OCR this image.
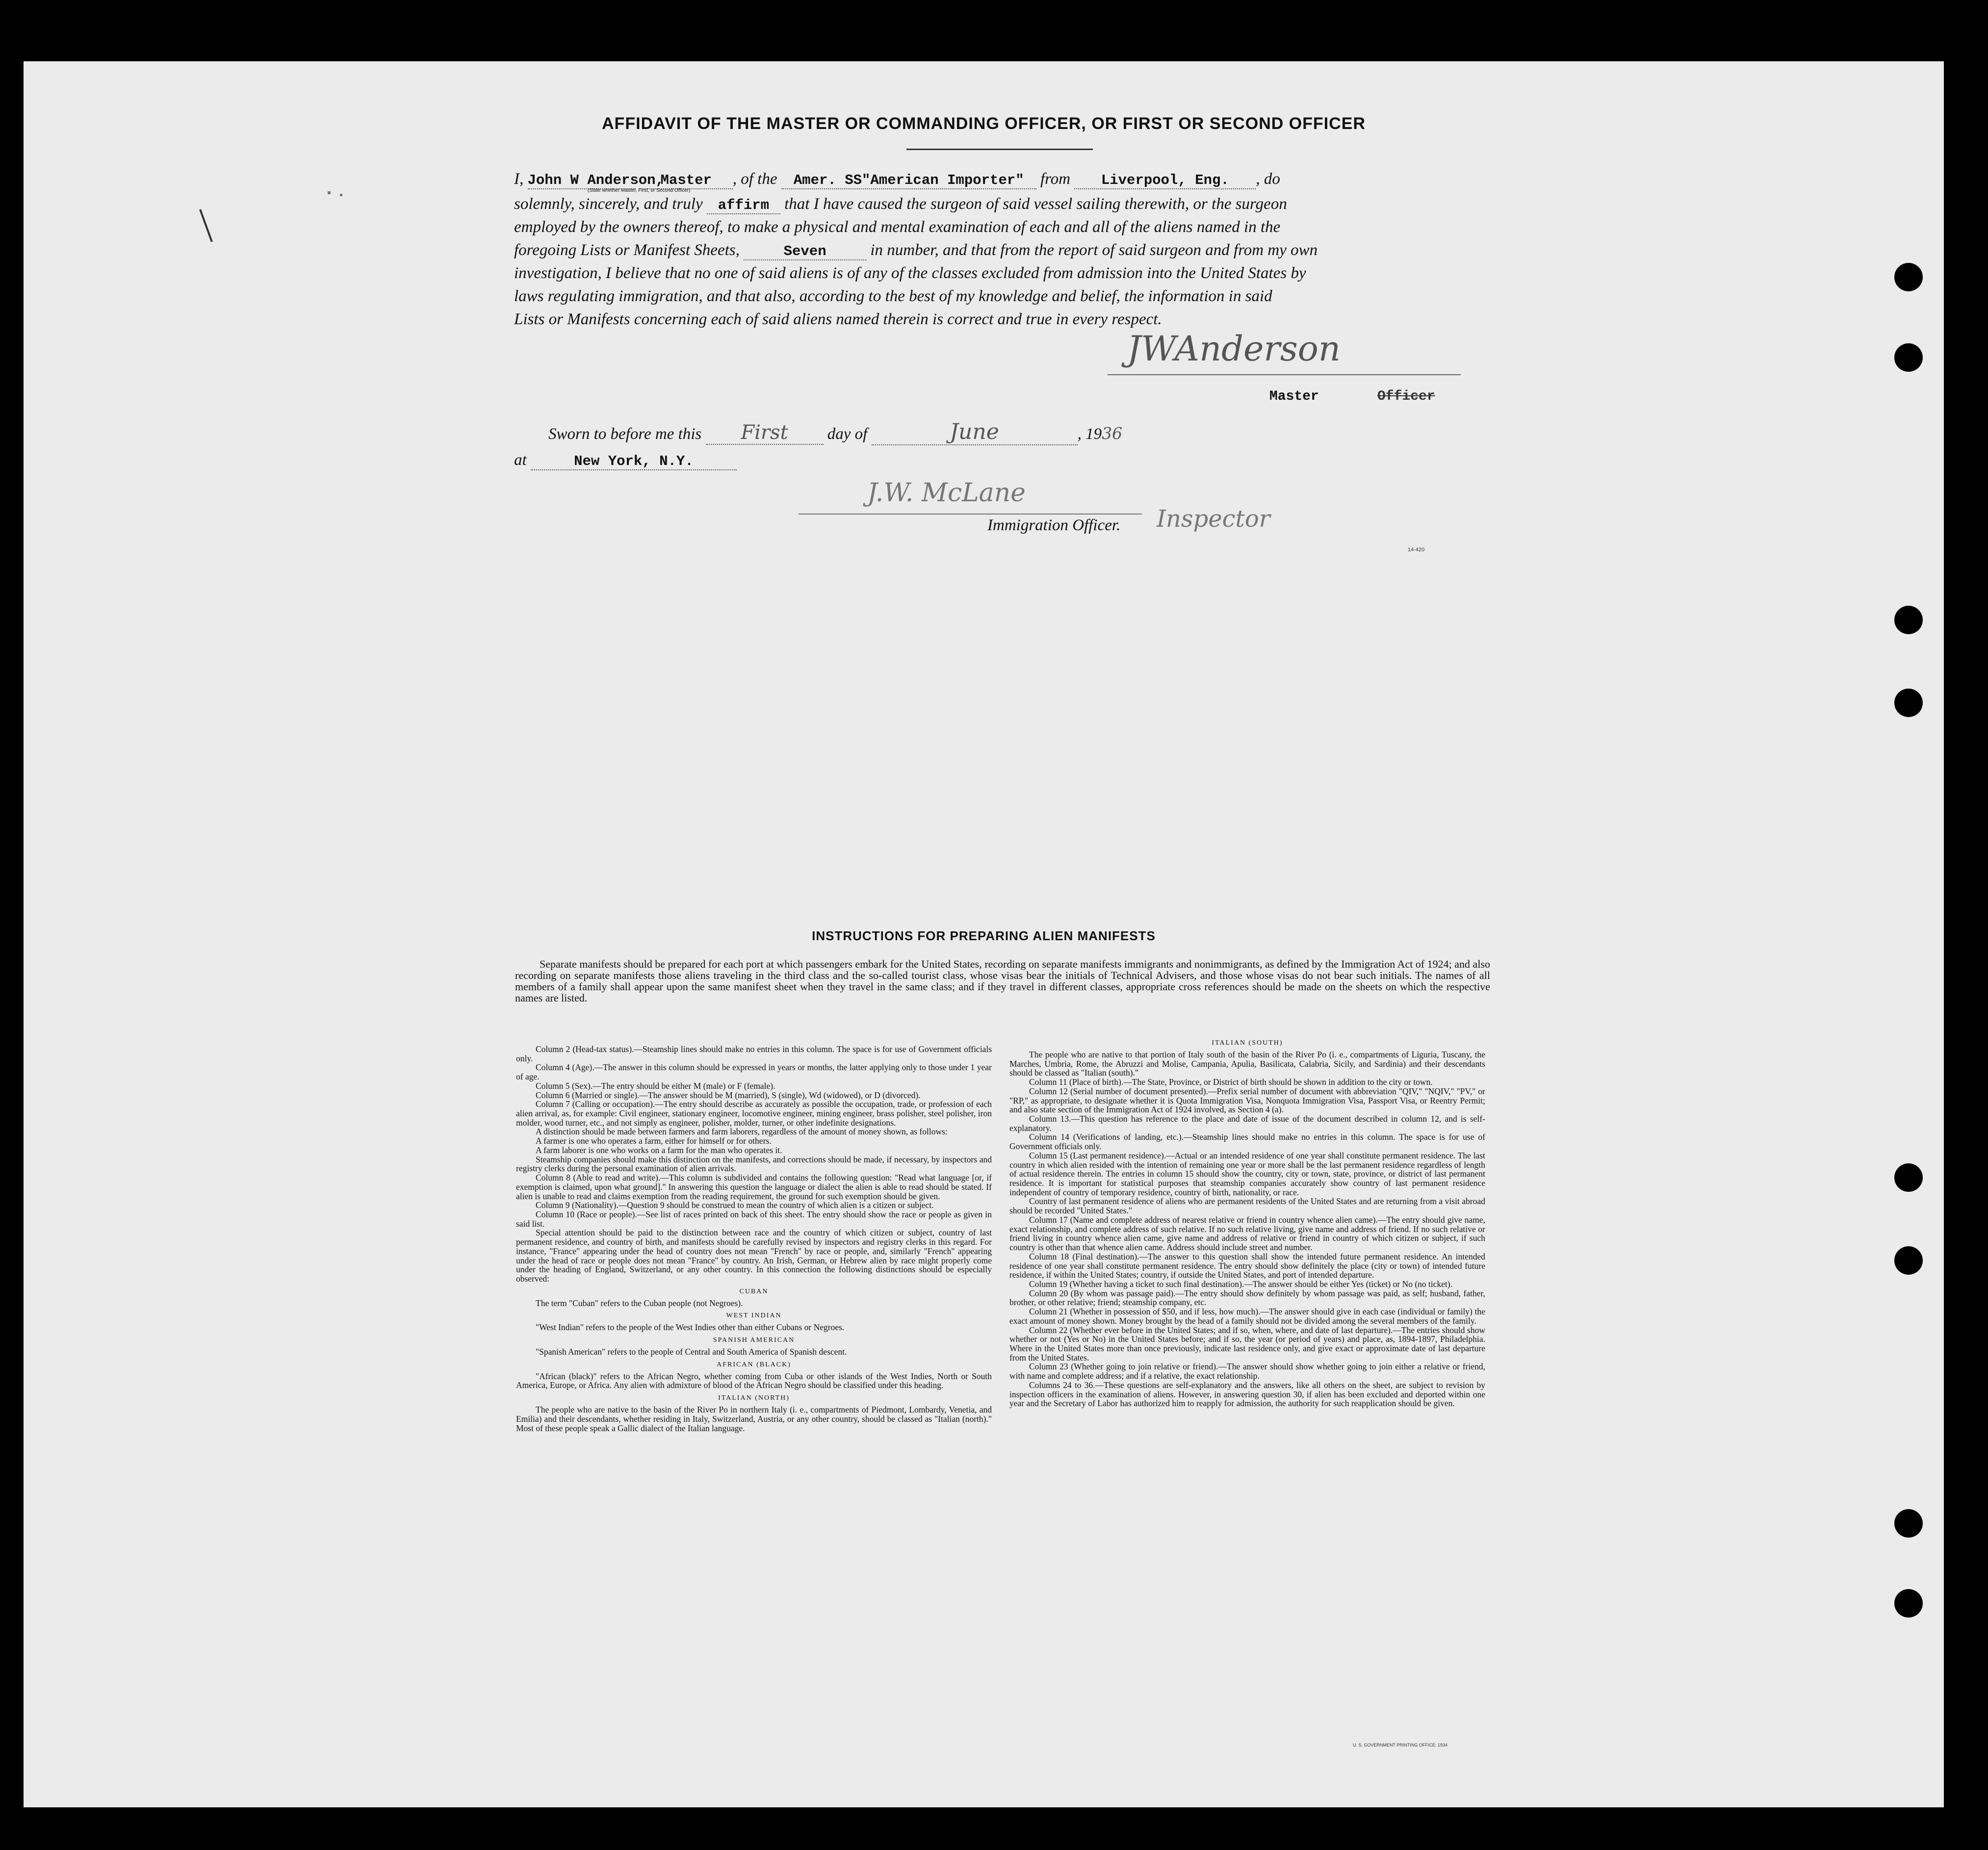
AFFIDAVIT OF THE MASTER OR COMMANDING OFFICER, OR FIRST OR SECOND OFFICER
I, John W Anderson, Master , of the Amer. SS"American Importer" from Liverpool, Eng. , do
(State whether Master, First, or Second Officer)
solemnly, sincerely, and truly affirm that I have caused the surgeon of said vessel sailing therewith, or the surgeon
employed by the owners thereof, to make a physical and mental examination of each and all of the aliens named in the
foregoing Lists or Manifest Sheets,	Seven	in number, and that from the report of said surgeon and from my own
investigation, I believe that no one of said aliens is of any of the classes excluded from admission into the United States by
laws regulating immigration, and that also, according to the best of my knowledge and belief, the information in said
Lists or Manifests concerning each of said aliens named therein is correct and true in every respect.
JWAnderson
Master	Officer
Sworn to before me this First day of	June	, 1936
at	New York, N.Y.
J.W. McLane
Immigration Officer. Inspector
14-420
INSTRUCTIONS FOR PREPARING ALIEN MANIFESTS
Separate manifests should be prepared for each port at which passengers embark for the United States, recording on separate manifests immigrants and nonimmigrants, as defined by the Immigration Act of 1924; and also recording on separate manifests those aliens traveling in the third class and the so-called tourist class, whose visas bear the initials of Technical Advisers, and those whose visas do not bear such initials. The names of all members of a family shall appear upon the same manifest sheet when they travel in the same class; and if they travel in different classes, appropriate cross references should be made on the sheets on which the respective names are listed.

Column 2 (Head-tax status).—Steamship lines should make no entries in this column. The space is for use of Government officials only.

Column 4 (Age).—The answer in this column should be expressed in years or months, the latter applying only to those under 1 year of age.

Column 5 (Sex).—The entry should be either M (male) or F (female).

Column 6 (Married or single).—The answer should be M (married), S (single), Wd (widowed), or D (divorced).

Column 7 (Calling or occupation).—The entry should describe as accurately as possible the occupation, trade, or profession of each alien arrival, as, for example: Civil engineer, stationary engineer, locomotive engineer, mining engineer, brass polisher, steel polisher, iron molder, wood turner, etc., and not simply as engineer, polisher, molder, turner, or other indefinite designations.

A distinction should be made between farmers and farm laborers, regardless of the amount of money shown, as follows:

A farmer is one who operates a farm, either for himself or for others.

A farm laborer is one who works on a farm for the man who operates it.

Steamship companies should make this distinction on the manifests, and corrections should be made, if necessary, by inspectors and registry clerks during the personal examination of alien arrivals.

Column 8 (Able to read and write).—This column is subdivided and contains the following question: "Read what language [or, if exemption is claimed, upon what ground]." In answering this question the language or dialect the alien is able to read should be stated. If alien is unable to read and claims exemption from the reading requirement, the ground for such exemption should be given.

Column 9 (Nationality).—Question 9 should be construed to mean the country of which alien is a citizen or subject.

Column 10 (Race or people).—See list of races printed on back of this sheet. The entry should show the race or people as given in said list.

Special attention should be paid to the distinction between race and the country of which citizen or subject, country of last permanent residence, and country of birth, and manifests should be carefully revised by inspectors and registry clerks in this regard. For instance, "France" appearing under the head of country does not mean "French" by race or people, and, similarly "French" appearing under the head of race or people does not mean "France" by country. An Irish, German, or Hebrew alien by race might properly come under the heading of England, Switzerland, or any other country. In this connection the following distinctions should be especially observed:

CUBAN

The term "Cuban" refers to the Cuban people (not Negroes).

WEST INDIAN

"West Indian" refers to the people of the West Indies other than either Cubans or Negroes.

SPANISH AMERICAN

"Spanish American" refers to the people of Central and South America of Spanish descent.

AFRICAN (BLACK)

"African (black)" refers to the African Negro, whether coming from Cuba or other islands of the West Indies, North or South America, Europe, or Africa. Any alien with admixture of blood of the African Negro should be classified under this heading.

ITALIAN (NORTH)

The people who are native to the basin of the River Po in northern Italy (i. e., compartments of Piedmont, Lombardy, Venetia, and Emilia) and their descendants, whether residing in Italy, Switzerland, Austria, or any other country, should be classed as "Italian (north)." Most of these people speak a Gallic dialect of the Italian language.

ITALIAN (SOUTH)

The people who are native to that portion of Italy south of the basin of the River Po (i. e., compartments of Liguria, Tuscany, the Marches, Umbria, Rome, the Abruzzi and Molise, Campania, Apulia, Basilicata, Calabria, Sicily, and Sardinia) and their descendants should be classed as "Italian (south)."

Column 11 (Place of birth).—The State, Province, or District of birth should be shown in addition to the city or town.

Column 12 (Serial number of document presented).—Prefix serial number of document with abbreviation "QIV," "NQIV," "PV," or "RP," as appropriate, to designate whether it is Quota Immigration Visa, Nonquota Immigration Visa, Passport Visa, or Reentry Permit; and also state section of the Immigration Act of 1924 involved, as Section 4 (a).

Column 13.—This question has reference to the place and date of issue of the document described in column 12, and is self-explanatory.

Column 14 (Verifications of landing, etc.).—Steamship lines should make no entries in this column. The space is for use of Government officials only.

Column 15 (Last permanent residence).—Actual or an intended residence of one year shall constitute permanent residence. The last country in which alien resided with the intention of remaining one year or more shall be the last permanent residence regardless of length of actual residence therein. The entries in column 15 should show the country, city or town, state, province, or district of last permanent residence. It is important for statistical purposes that steamship companies accurately show country of last permanent residence independent of country of temporary residence, country of birth, nationality, or race.

Country of last permanent residence of aliens who are permanent residents of the United States and are returning from a visit abroad should be recorded "United States."

Column 17 (Name and complete address of nearest relative or friend in country whence alien came).—The entry should give name, exact relationship, and complete address of such relative. If no such relative living, give name and address of friend. If no such relative or friend living in country whence alien came, give name and address of relative or friend in country of which citizen or subject, if such country is other than that whence alien came. Address should include street and number.

Column 18 (Final destination).—The answer to this question shall show the intended future permanent residence. An intended residence of one year shall constitute permanent residence. The entry should show definitely the place (city or town) of intended future residence, if within the United States; country, if outside the United States, and port of intended departure.

Column 19 (Whether having a ticket to such final destination).—The answer should be either Yes (ticket) or No (no ticket).

Column 20 (By whom was passage paid).—The entry should show definitely by whom passage was paid, as self; husband, father, brother, or other relative; friend; steamship company, etc.

Column 21 (Whether in possession of $50, and if less, how much).—The answer should give in each case (individual or family) the exact amount of money shown. Money brought by the head of a family should not be divided among the several members of the family.

Column 22 (Whether ever before in the United States; and if so, when, where, and date of last departure).—The entries should show whether or not (Yes or No) in the United States before; and if so, the year (or period of years) and place, as, 1894-1897, Philadelphia. Where in the United States more than once previously, indicate last residence only, and give exact or approximate date of last departure from the United States.

Column 23 (Whether going to join relative or friend).—The answer should show whether going to join either a relative or friend, with name and complete address; and if a relative, the exact relationship.

Columns 24 to 36.—These questions are self-explanatory and the answers, like all others on the sheet, are subject to revision by inspection officers in the examination of aliens. However, in answering question 30, if alien has been excluded and deported within one year and the Secretary of Labor has authorized him to reapply for admission, the authority for such reapplication should be given.

U. S. GOVERNMENT PRINTING OFFICE: 1934
